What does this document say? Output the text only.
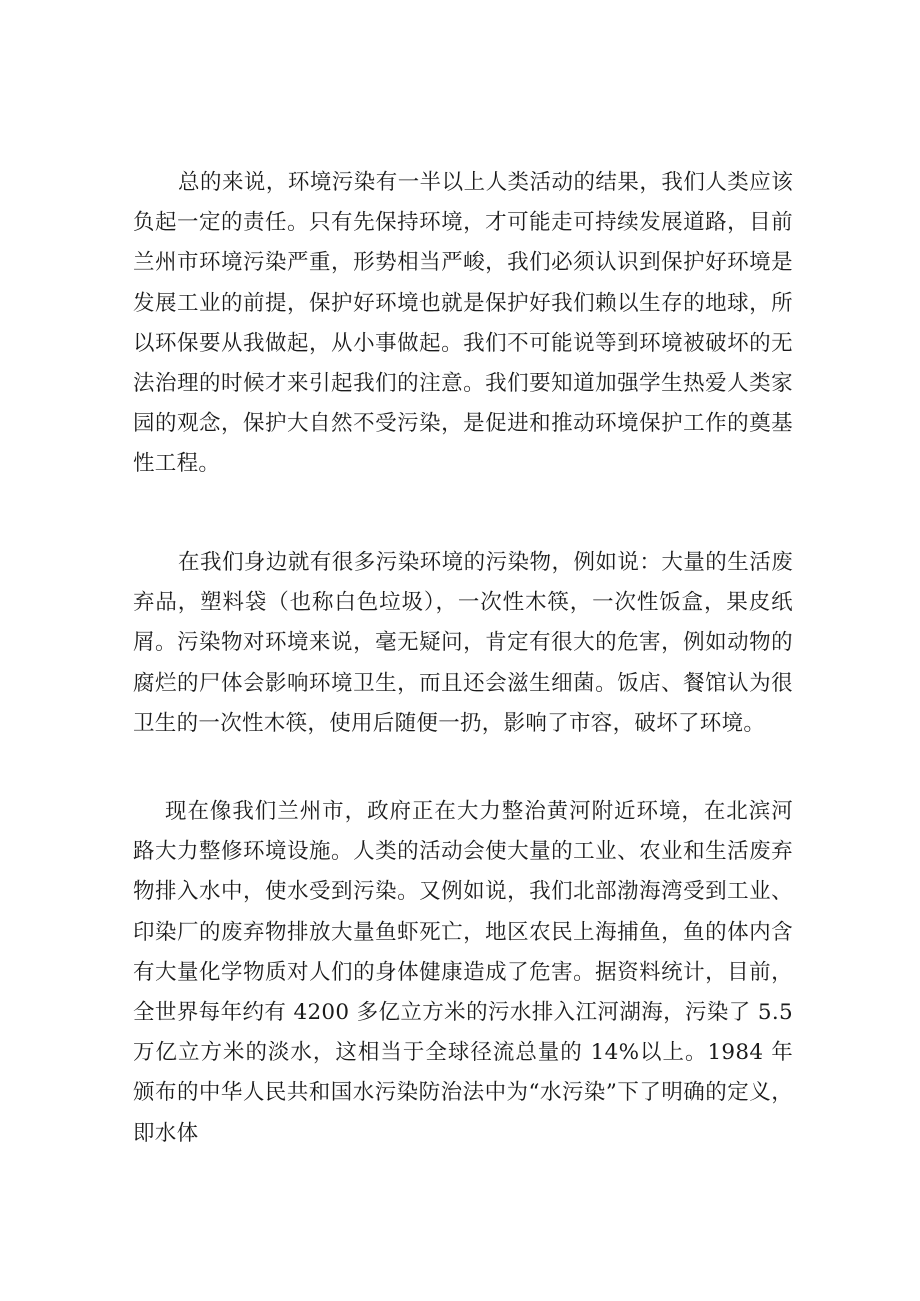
总的来说，环境污染有一半以上人类活动的结果，我们人类应该负起一定的责任。只有先保持环境，才可能走可持续发展道路，目前兰州市环境污染严重，形势相当严峻，我们必须认识到保护好环境是发展工业的前提，保护好环境也就是保护好我们赖以生存的地球，所以环保要从我做起，从小事做起。我们不可能说等到环境被破坏的无法治理的时候才来引起我们的注意。我们要知道加强学生热爱人类家园的观念，保护大自然不受污染，是促进和推动环境保护工作的奠基性工程。

在我们身边就有很多污染环境的污染物，例如说：大量的生活废弃品，塑料袋（也称白色垃圾），一次性木筷，一次性饭盒，果皮纸屑。污染物对环境来说，毫无疑问，肯定有很大的危害，例如动物的腐烂的尸体会影响环境卫生，而且还会滋生细菌。饭店、餐馆认为很卫生的一次性木筷，使用后随便一扔，影响了市容，破坏了环境。

现在像我们兰州市，政府正在大力整治黄河附近环境，在北滨河路大力整修环境设施。人类的活动会使大量的工业、农业和生活废弃物排入水中，使水受到污染。又例如说，我们北部渤海湾受到工业、印染厂的废弃物排放大量鱼虾死亡，地区农民上海捕鱼，鱼的体内含有大量化学物质对人们的身体健康造成了危害。据资料统计，目前，全世界每年约有 4200 多亿立方米的污水排入江河湖海，污染了 5.5 万亿立方米的淡水，这相当于全球径流总量的 14%以上。1984 年颁布的中华人民共和国水污染防治法中为“水污染”下了明确的定义，即水体
